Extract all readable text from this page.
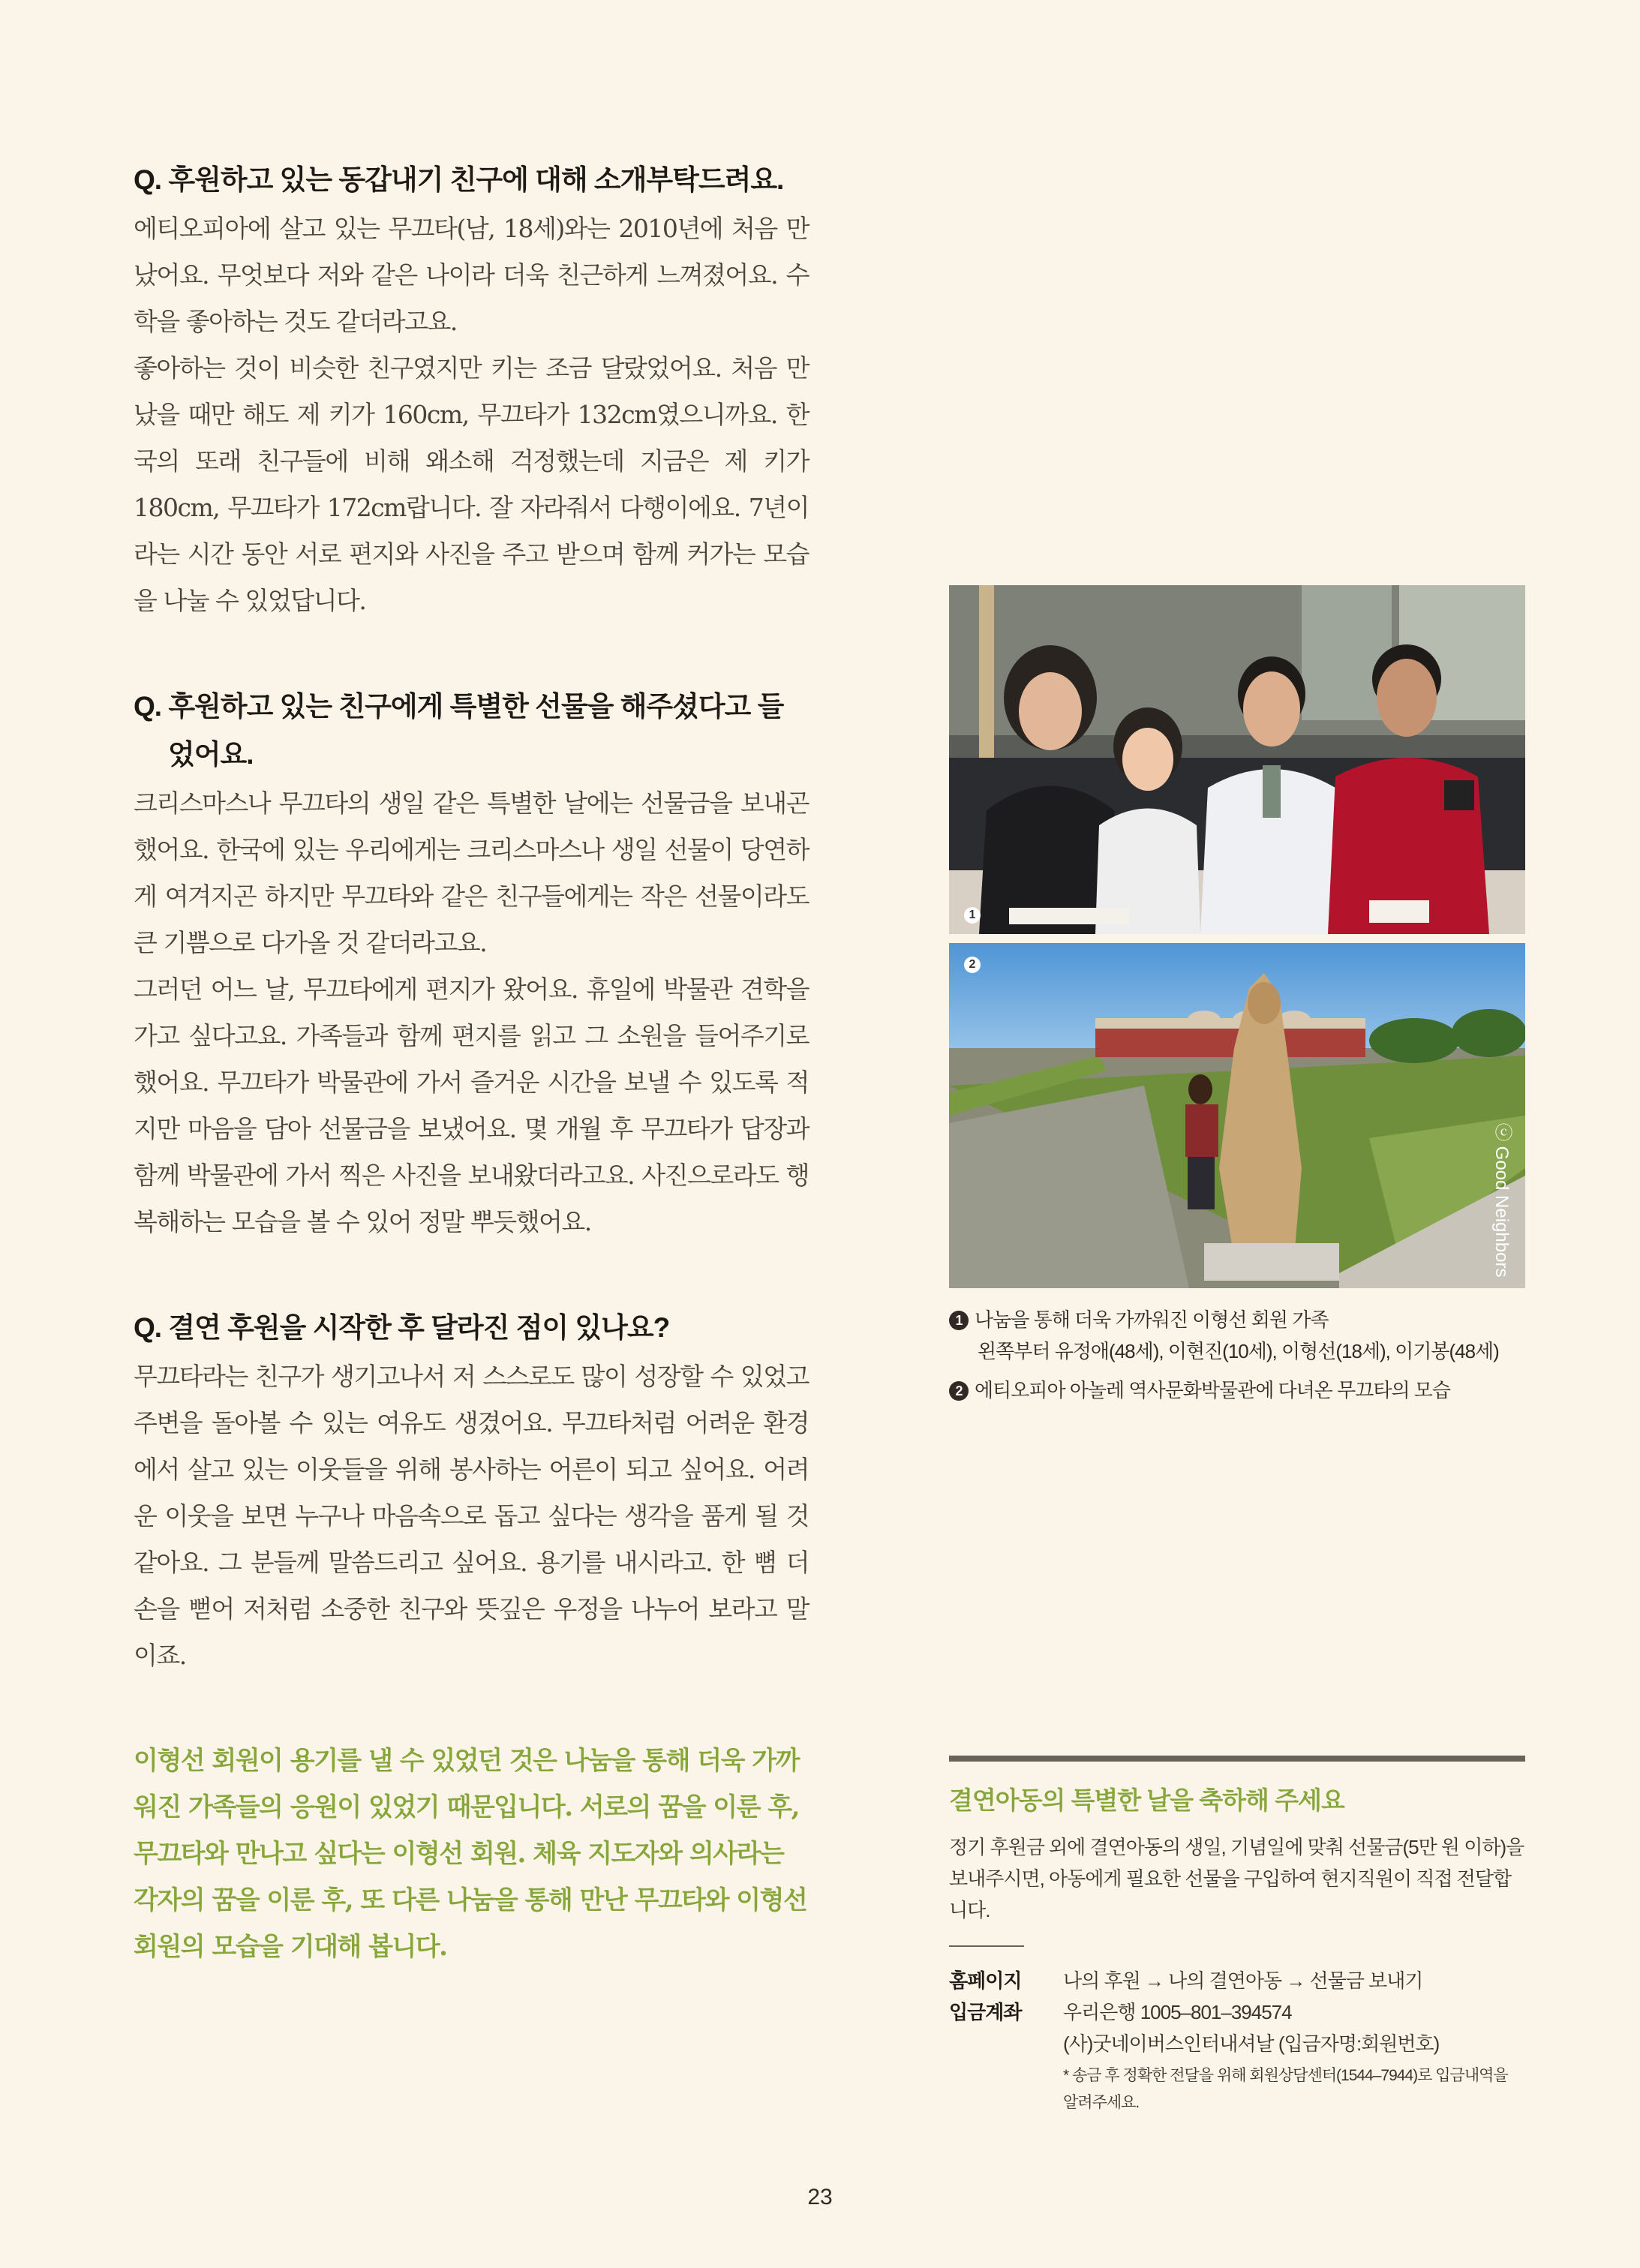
Q. 후원하고 있는 동갑내기 친구에 대해 소개부탁드려요.

에티오피아에 살고 있는 무끄타(남, 18세)와는 2010년에 처음 만났어요. 무엇보다 저와 같은 나이라 더욱 친근하게 느껴졌어요. 수학을 좋아하는 것도 같더라고요.

좋아하는 것이 비슷한 친구였지만 키는 조금 달랐었어요. 처음 만났을 때만 해도 제 키가 160cm, 무끄타가 132cm였으니까요. 한국의 또래 친구들에 비해 왜소해 걱정했는데 지금은 제 키가 180cm, 무끄타가 172cm랍니다. 잘 자라줘서 다행이에요. 7년이라는 시간 동안 서로 편지와 사진을 주고 받으며 함께 커가는 모습을 나눌 수 있었답니다.

Q. 후원하고 있는 친구에게 특별한 선물을 해주셨다고 들었어요.

크리스마스나 무끄타의 생일 같은 특별한 날에는 선물금을 보내곤 했어요. 한국에 있는 우리에게는 크리스마스나 생일 선물이 당연하게 여겨지곤 하지만 무끄타와 같은 친구들에게는 작은 선물이라도 큰 기쁨으로 다가올 것 같더라고요.

그러던 어느 날, 무끄타에게 편지가 왔어요. 휴일에 박물관 견학을 가고 싶다고요. 가족들과 함께 편지를 읽고 그 소원을 들어주기로 했어요. 무끄타가 박물관에 가서 즐거운 시간을 보낼 수 있도록 적지만 마음을 담아 선물금을 보냈어요. 몇 개월 후 무끄타가 답장과 함께 박물관에 가서 찍은 사진을 보내왔더라고요. 사진으로라도 행복해하는 모습을 볼 수 있어 정말 뿌듯했어요.

Q. 결연 후원을 시작한 후 달라진 점이 있나요?

무끄타라는 친구가 생기고나서 저 스스로도 많이 성장할 수 있었고 주변을 돌아볼 수 있는 여유도 생겼어요. 무끄타처럼 어려운 환경에서 살고 있는 이웃들을 위해 봉사하는 어른이 되고 싶어요. 어려운 이웃을 보면 누구나 마음속으로 돕고 싶다는 생각을 품게 될 것 같아요. 그 분들께 말씀드리고 싶어요. 용기를 내시라고. 한 뼘 더 손을 뻗어 저처럼 소중한 친구와 뜻깊은 우정을 나누어 보라고 말이죠.

이형선 회원이 용기를 낼 수 있었던 것은 나눔을 통해 더욱 가까워진 가족들의 응원이 있었기 때문입니다. 서로의 꿈을 이룬 후, 무끄타와 만나고 싶다는 이형선 회원. 체육 지도자와 의사라는 각자의 꿈을 이룬 후, 또 다른 나눔을 통해 만난 무끄타와 이형선 회원의 모습을 기대해 봅니다.

1
2
ⓒ Good Neighbors

1 나눔을 통해 더욱 가까워진 이형선 회원 가족
왼쪽부터 유정애(48세), 이현진(10세), 이형선(18세), 이기봉(48세)

2 에티오피아 아놀레 역사문화박물관에 다녀온 무끄타의 모습

결연아동의 특별한 날을 축하해 주세요

정기 후원금 외에 결연아동의 생일, 기념일에 맞춰 선물금(5만 원 이하)을 보내주시면, 아동에게 필요한 선물을 구입하여 현지직원이 직접 전달합니다.

홈페이지	나의 후원 → 나의 결연아동 → 선물금 보내기
입금계좌	우리은행 1005–801–394574
(사)굿네이버스인터내셔날 (입금자명:회원번호)

* 송금 후 정확한 전달을 위해 회원상담센터(1544–7944)로 입금내역을 알려주세요.

23
